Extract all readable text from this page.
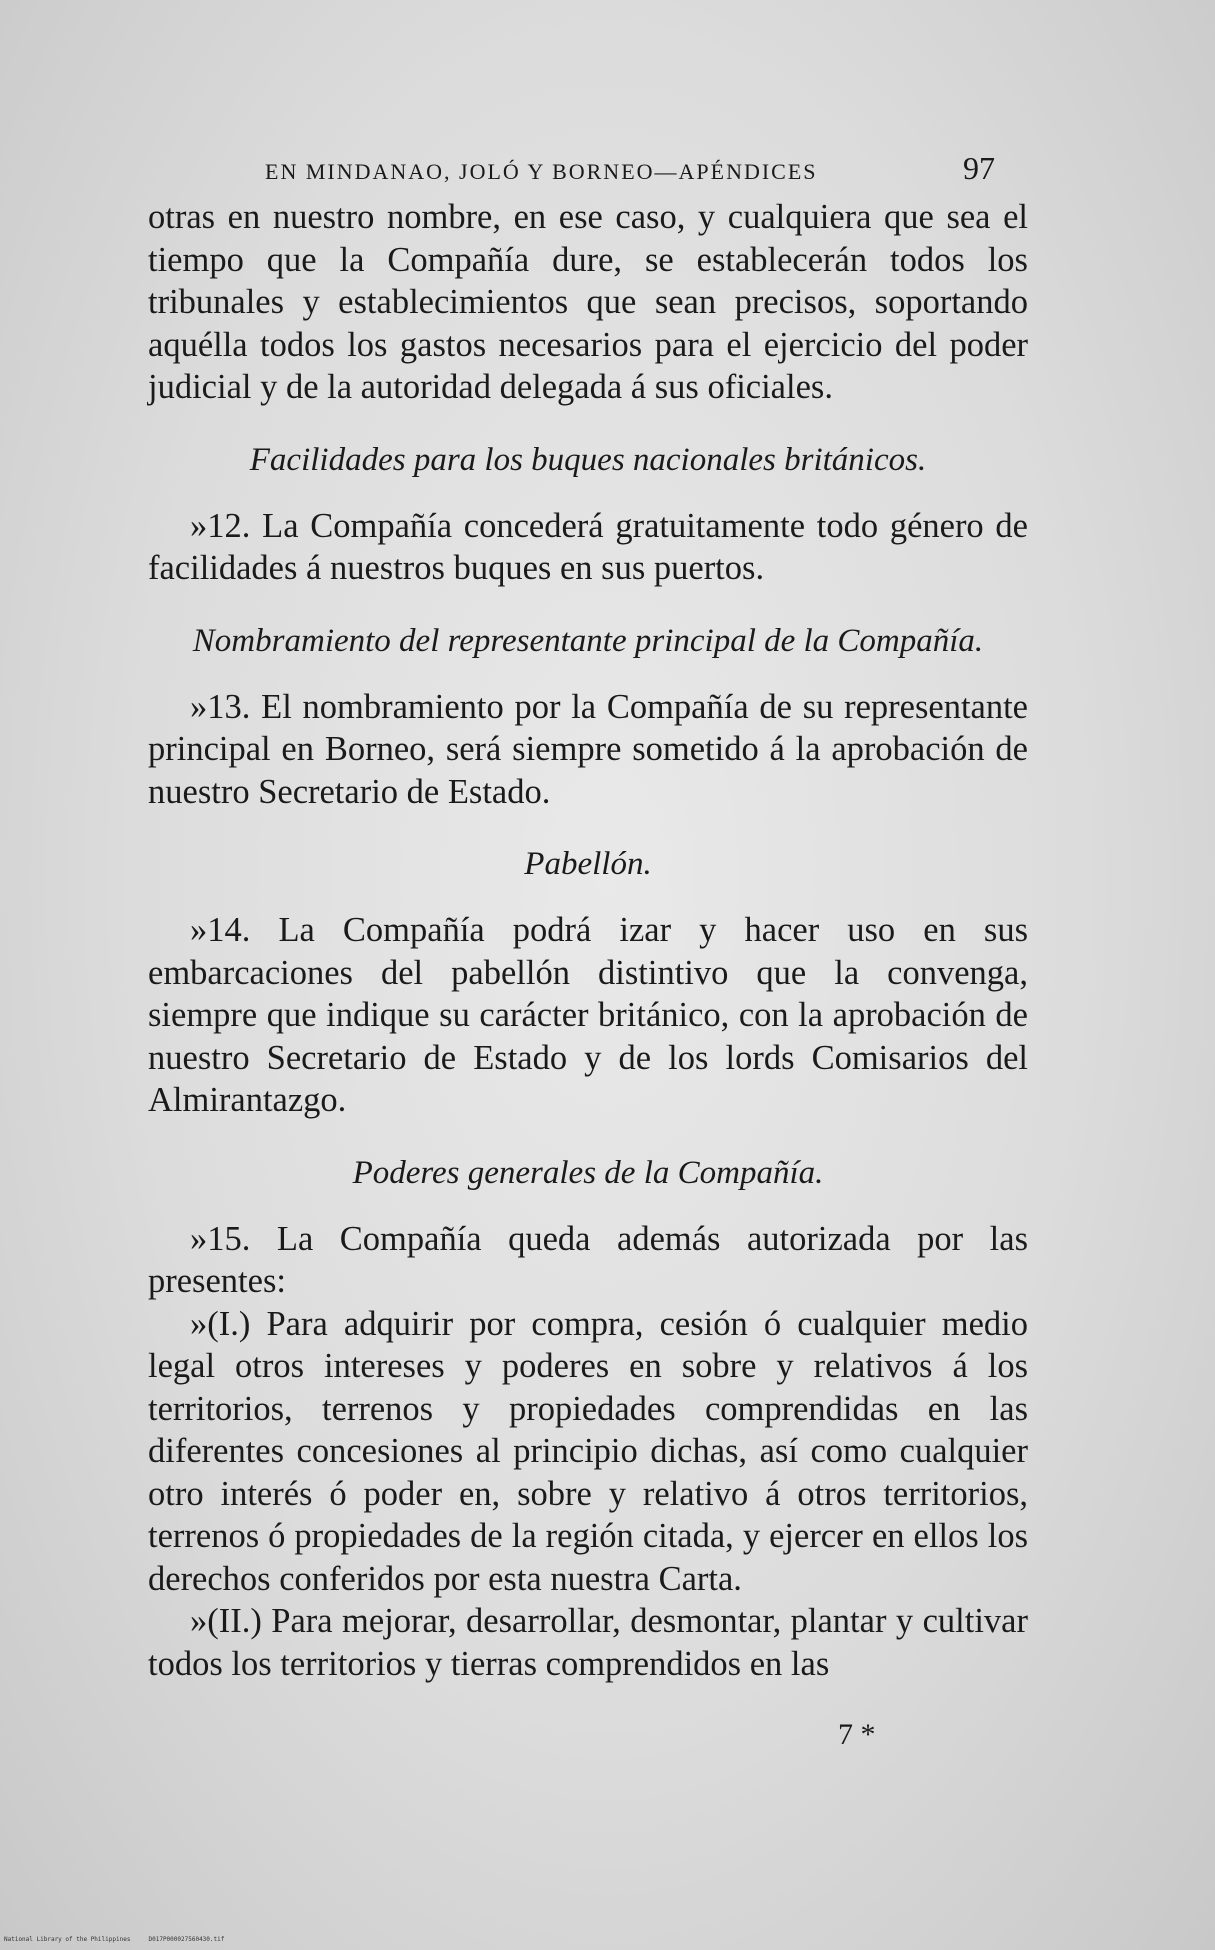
EN MINDANAO, JOLÓ Y BORNEO—APÉNDICES	97

otras en nuestro nombre, en ese caso, y cualquiera que sea el tiempo que la Compañía dure, se establecerán todos los tribunales y establecimientos que sean precisos, soportando aquélla todos los gastos necesarios para el ejercicio del poder judicial y de la autoridad delegada á sus oficiales.

Facilidades para los buques nacionales británicos.

»12. La Compañía concederá gratuitamente todo género de facilidades á nuestros buques en sus puertos.

Nombramiento del representante principal de la Compañía.

»13. El nombramiento por la Compañía de su representante principal en Borneo, será siempre sometido á la aprobación de nuestro Secretario de Estado.

Pabellón.

»14. La Compañía podrá izar y hacer uso en sus embarcaciones del pabellón distintivo que la convenga, siempre que indique su carácter británico, con la aprobación de nuestro Secretario de Estado y de los lords Comisarios del Almirantazgo.

Poderes generales de la Compañía.

»15. La Compañía queda además autorizada por las presentes:

»(I.) Para adquirir por compra, cesión ó cualquier medio legal otros intereses y poderes en sobre y relativos á los territorios, terrenos y propiedades comprendidas en las diferentes concesiones al principio dichas, así como cualquier otro interés ó poder en, sobre y relativo á otros territorios, terrenos ó propiedades de la región citada, y ejercer en ellos los derechos conferidos por esta nuestra Carta.

»(II.) Para mejorar, desarrollar, desmontar, plantar y cultivar todos los territorios y tierras comprendidos en las

7 *
National Library of the Philippines     D017P000027560430.tif
